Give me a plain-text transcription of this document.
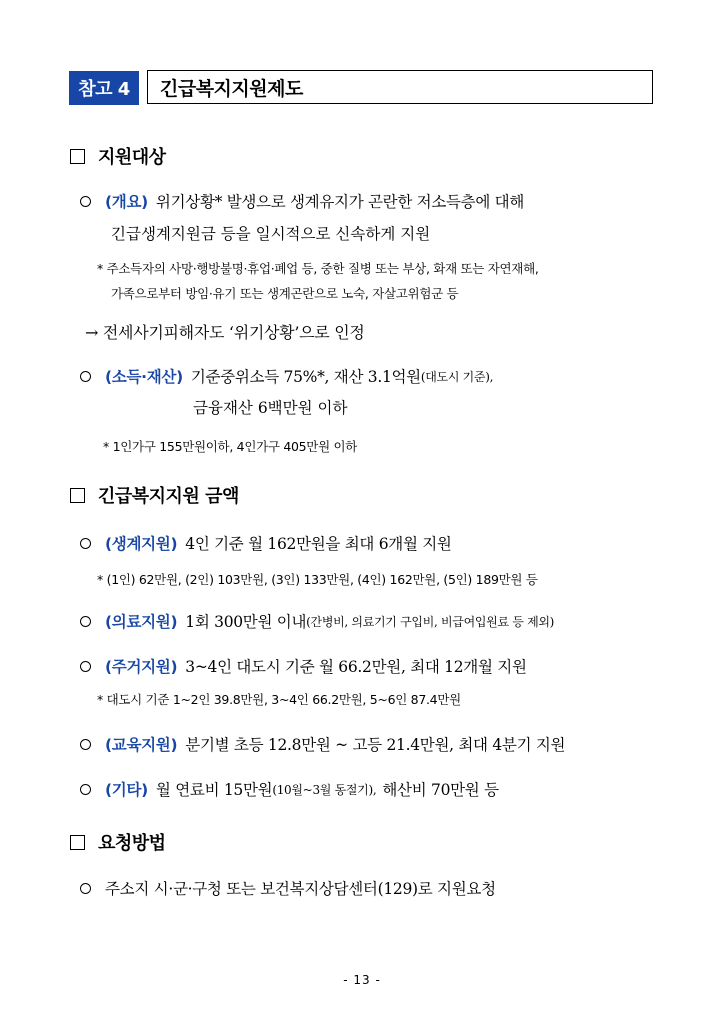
참고 4	긴급복지지원제도
지원대상
(개요) 위기상황* 발생으로 생계유지가 곤란한 저소득층에 대해
긴급생계지원금 등을 일시적으로 신속하게 지원
* 주소득자의 사망·행방불명·휴업·폐업 등, 중한 질병 또는 부상, 화재 또는 자연재해,
가족으로부터 방임·유기 또는 생계곤란으로 노숙, 자살고위험군 등
→ 전세사기피해자도 ‘위기상황’으로 인정
(소득·재산) 기준중위소득 75%*, 재산 3.1억원 (대도시 기준),
금융재산 6백만원 이하
* 1인가구 155만원이하, 4인가구 405만원 이하
긴급복지지원 금액
(생계지원) 4인 기준 월 162만원을 최대 6개월 지원
* (1인) 62만원, (2인) 103만원, (3인) 133만원, (4인) 162만원, (5인) 189만원 등
(의료지원) 1회 300만원 이내 (간병비, 의료기기 구입비, 비급여입원료 등 제외)
(주거지원) 3~4인 대도시 기준 월 66.2만원, 최대 12개월 지원
* 대도시 기준 1~2인 39.8만원, 3~4인 66.2만원, 5~6인 87.4만원
(교육지원) 분기별 초등 12.8만원 ~ 고등 21.4만원, 최대 4분기 지원
(기타) 월 연료비 15만원 (10월~3월 동절기), 해산비 70만원 등
요청방법
주소지 시·군·구청 또는 보건복지상담센터(129)로 지원요청
- 13 -
